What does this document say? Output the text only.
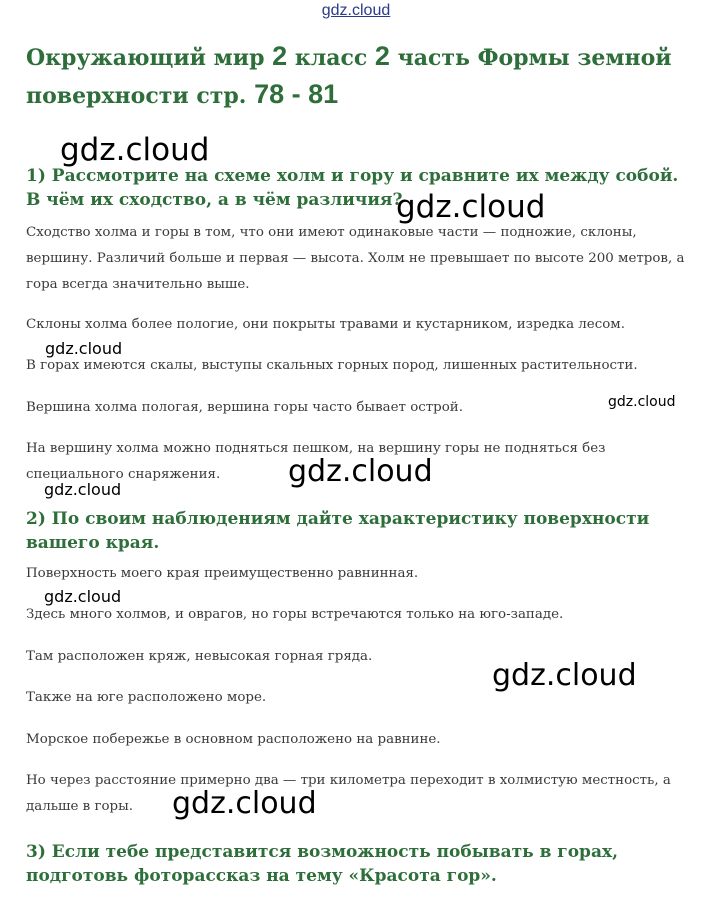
gdz.cloud
Окружающий мир 2 класс 2 часть Формы земной поверхности стр. 78 - 81
1) Рассмотрите на схеме холм и гору и сравните их между собой. В чём их сходство, а в чём различия?

Сходство холма и горы в том, что они имеют одинаковые части — подножие, склоны, вершину. Различий больше и первая — высота. Холм не превышает по высоте 200 метров, а гора всегда значительно выше.

Склоны холма более пологие, они покрыты травами и кустарником, изредка лесом.

В горах имеются скалы, выступы скальных горных пород, лишенных растительности.

Вершина холма пологая, вершина горы часто бывает острой.

На вершину холма можно подняться пешком, на вершину горы не подняться без специального снаряжения.

2) По своим наблюдениям дайте характеристику поверхности вашего края.

Поверхность моего края преимущественно равнинная.

Здесь много холмов, и оврагов, но горы встречаются только на юго-западе.

Там расположен кряж, невысокая горная гряда.

Также на юге расположено море.

Морское побережье в основном расположено на равнине.

Но через расстояние примерно два — три километра переходит в холмистую местность, а дальше в горы.

3) Если тебе представится возможность побывать в горах, подготовь фоторассказ на тему «Красота гор».
gdz.cloud
gdz.cloud
gdz.cloud
gdz.cloud
gdz.cloud
gdz.cloud
gdz.cloud
gdz.cloud
gdz.cloud
